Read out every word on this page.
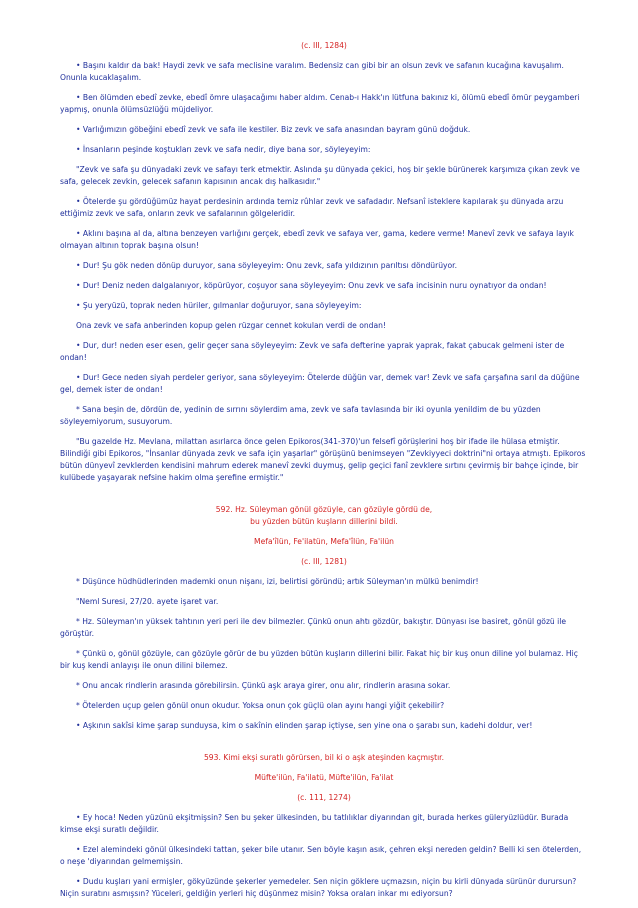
(c. III, 1284)

• Başını kaldır da bak! Haydi zevk ve safa meclisine varalım. Bedensiz can gibi bir an olsun zevk ve safanın kucağına kavuşalım. Onunla kucaklaşalım.

• Ben ölümden ebedî zevke, ebedî ömre ulaşacağımı haber aldım. Cenab-ı Hakk'ın lütfuna bakınız ki, ölümü ebedî ömür peygamberi yapmış, onunla ölümsüzlüğü müjdeliyor.

• Varlığımızın göbeğini ebedî zevk ve safa ile kestiler. Biz zevk ve safa anasından bayram günü doğduk.

• İnsanların peşinde koştukları zevk ve safa nedir, diye bana sor, söyleyeyim:

"Zevk ve safa şu dünyadaki zevk ve safayı terk etmektir. Aslında şu dünyada çekici, hoş bir şekle bürünerek karşımıza çıkan zevk ve safa, gelecek zevkin, gelecek safanın kapısının ancak dış halkasıdır."

• Ötelerde şu gördüğümüz hayat perdesinin ardında temiz rûhlar zevk ve safadadır. Nefsanî isteklere kapılarak şu dünyada arzu ettiğimiz zevk ve safa, onların zevk ve safalarının gölgeleridir.

• Aklını başına al da, altına benzeyen varlığını gerçek, ebedî zevk ve safaya ver, gama, kedere verme! Manevî zevk ve safaya layık olmayan altının toprak başına olsun!

• Dur! Şu gök neden dönüp duruyor, sana söyleyeyim: Onu zevk, safa yıldızının parıltısı döndürüyor.

• Dur! Deniz neden dalgalanıyor, köpürüyor, coşuyor sana söyleyeyim: Onu zevk ve safa incisinin nuru oynatıyor da ondan!

• Şu yeryüzü, toprak neden hüriler, gılmanlar doğuruyor, sana söyleyeyim:

Ona zevk ve safa anberinden kopup gelen rüzgar cennet kokulan verdi de ondan!

• Dur, dur! neden eser esen, gelir geçer sana söyleyeyim: Zevk ve safa defterine yaprak yaprak, fakat çabucak gelmeni ister de ondan!

• Dur! Gece neden siyah perdeler geriyor, sana söyleyeyim: Ötelerde düğün var, demek var! Zevk ve safa çarşafına sarıl da düğüne gel, demek ister de ondan!

* Sana beşin de, dördün de, yedinin de sırrını söylerdim ama, zevk ve safa tavlasında bir iki oyunla yenildim de bu yüzden söyleyemiyorum, susuyorum.

"Bu gazelde Hz. Mevlana, milattan asırlarca önce gelen Epikoros(341-370)'un felsefî görüşlerini hoş bir ifade ile hülasa etmiştir. Bilindiği gibi Epikoros, "İnsanlar dünyada zevk ve safa için yaşarlar" görüşünü benimseyen "Zevkiyyeci doktrini"ni ortaya atmıştı. Epikoros bütün dünyevî zevklerden kendisini mahrum ederek manevî zevki duymuş, gelip geçici fanî zevklere sırtını çevirmiş bir bahçe içinde, bir kulübede yaşayarak nefsine hakim olma şerefine ermiştir."

592. Hz. Süleyman gönül gözüyle, can gözüyle gördü de,
bu yüzden bütün kuşların dillerini bildi.
Mefa'îlün, Fe'ilatün, Mefa'îlün, Fa'ilün
(c. III, 1281)

* Düşünce hüdhüdlerinden mademki onun nişanı, izi, belirtisi göründü; artık Süleyman'ın mülkü benimdir!

"Neml Suresi, 27/20. ayete işaret var.

* Hz. Süleyman'ın yüksek tahtının yeri peri ile dev bilmezler. Çünkü onun ahtı gözdür, bakıştır. Dünyası ise basiret, gönül gözü ile görüştür.

* Çünkü o, gönül gözüyle, can gözüyle görür de bu yüzden bütün kuşların dillerini bilir. Fakat hiç bir kuş onun diline yol bulamaz. Hiç bir kuş kendi anlayışı ile onun dilini bilemez.

* Onu ancak rindlerin arasında görebilirsin. Çünkü aşk araya girer, onu alır, rindlerin arasına sokar.

* Ötelerden uçup gelen gönül onun okudur. Yoksa onun çok güçlü olan ayını hangi yiğit çekebilir?

• Aşkının sakîsi kime şarap sunduysa, kim o sakînin elinden şarap içtiyse, sen yine ona o şarabı sun, kadehi doldur, ver!

593. Kimi ekşi suratlı görürsen, bil ki o aşk ateşinden kaçmıştır.
Müfte'ilün, Fa'ilatü, Müfte'ilün, Fa'ilat
(c. 111, 1274)

• Ey hoca! Neden yüzünü ekşitmişsin? Sen bu şeker ülkesinden, bu tatlılıklar diyarından git, burada herkes güleryüzlüdür. Burada kimse ekşi suratlı değildir.

• Ezel alemindeki gönül ülkesindeki tattan, şeker bile utanır. Sen böyle kaşın asık, çehren ekşi nereden geldin? Belli ki sen ötelerden, o neşe 'diyarından gelmemişsin.

• Dudu kuşları yani ermişler, gökyüzünde şekerler yemedeler. Sen niçin göklere uçmazsın, niçin bu kirli dünyada sürünür durursun? Niçin suratını asmışsın? Yüceleri, geldiğin yerleri hiç düşünmez misin? Yoksa oraları inkar mı ediyorsun?
